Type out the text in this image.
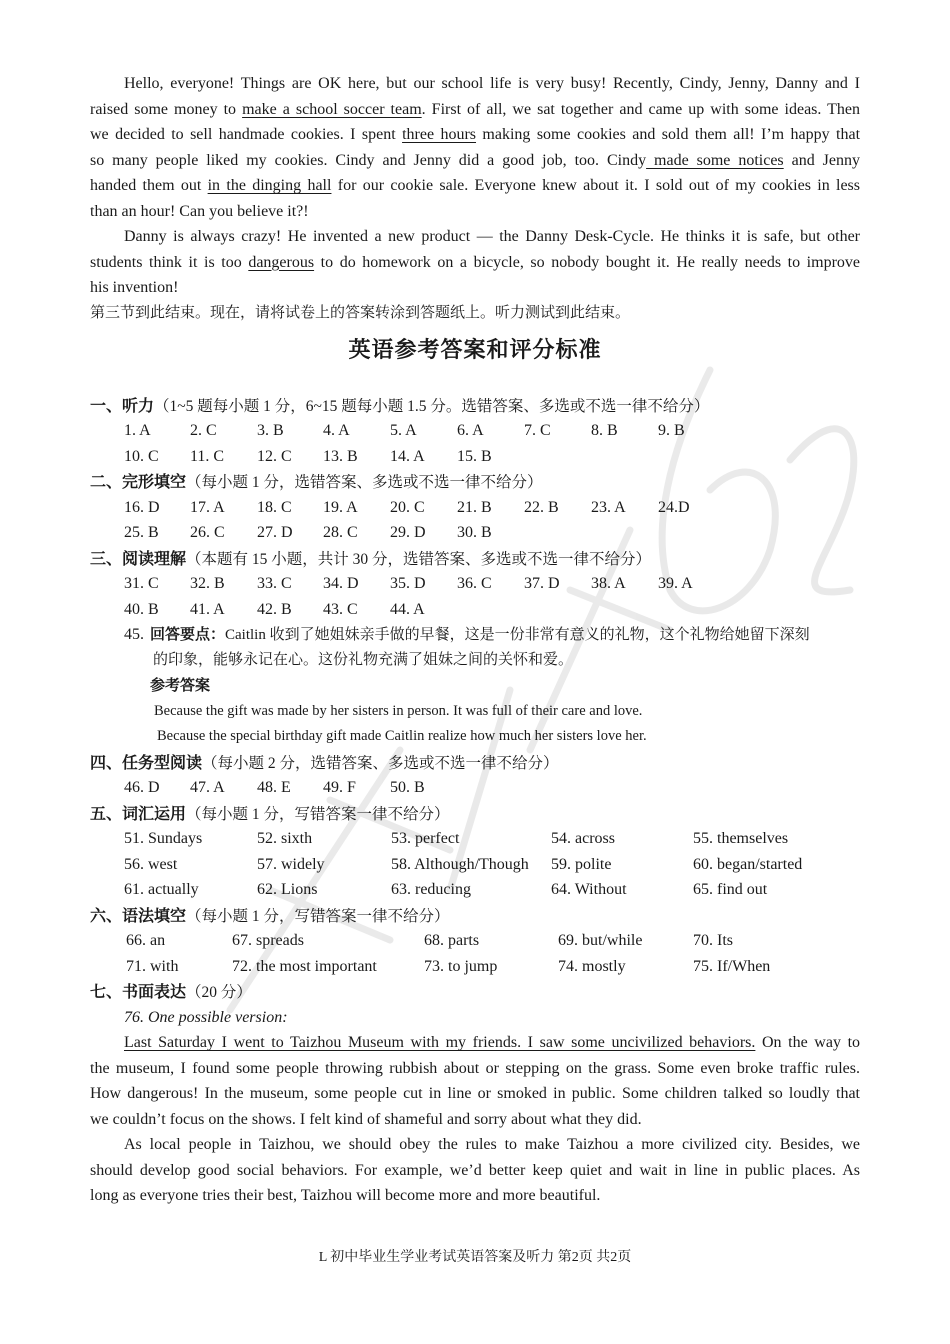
Hello, everyone! Things are OK here, but our school life is very busy! Recently, Cindy, Jenny, Danny and I
raised some money to make a school soccer team. First of all, we sat together and came up with some ideas. Then
we decided to sell handmade cookies. I spent three hours making some cookies and sold them all! I’m happy that
so many people liked my cookies. Cindy and Jenny did a good job, too. Cindy made some notices and Jenny
handed them out in the dinging hall for our cookie sale. Everyone knew about it. I sold out of my cookies in less
than an hour! Can you believe it?!
Danny is always crazy! He invented a new product — the Danny Desk-Cycle. He thinks it is safe, but other
students think it is too dangerous to do homework on a bicycle, so nobody bought it. He really needs to improve
his invention!
第三节到此结束。现在，请将试卷上的答案转涂到答题纸上。听力测试到此结束。
英语参考答案和评分标准
一、听力（1~5 题每小题 1 分，6~15 题每小题 1.5 分。选错答案、多选或不选一律不给分）
1. A 2. C	3. B 4. A	5. A	6. A	7. C	8. B	9. B
10. C 11. C 12. C 13. B 14. A 15. B
二、完形填空（每小题 1 分，选错答案、多选或不选一律不给分）
16. D 17. A 18. C 19. A 20. C 21. B 22. B 23. A 24.D
25. B 26. C 27. D 28. C 29. D 30. B
三、阅读理解（本题有 15 小题，共计 30 分，选错答案、多选或不选一律不给分）
31. C 32. B 33. C 34. D 35. D 36. C 37. D 38. A 39. A
40. B 41. A 42. B 43. C 44. A
45. 回答要点：Caitlin 收到了她姐妹亲手做的早餐，这是一份非常有意义的礼物，这个礼物给她留下深刻
的印象，能够永记在心。这份礼物充满了姐妹之间的关怀和爱。
参考答案
Because the gift was made by her sisters in person. It was full of their care and love.
Because the special birthday gift made Caitlin realize how much her sisters love her.
四、任务型阅读（每小题 2 分，选错答案、多选或不选一律不给分）
46. D 47. A 48. E 49. F 50. B
五、词汇运用（每小题 1 分，写错答案一律不给分）
51. Sundays	52. sixth	53. perfect	54. across	55. themselves
56. west	57. widely	58. Although/Though 59. polite	60. began/started
61. actually	62. Lions	63. reducing	64. Without	65. find out
六、语法填空（每小题 1 分，写错答案一律不给分）
66. an	67. spreads	68. parts	69. but/while	70. Its
71. with	72. the most important	73. to jump	74. mostly	75. If/When
七、书面表达（20 分）
76. One possible version:
Last Saturday I went to Taizhou Museum with my friends. I saw some uncivilized behaviors. On the way to
the museum, I found some people throwing rubbish about or stepping on the grass. Some even broke traffic rules.
How dangerous! In the museum, some people cut in line or smoked in public. Some children talked so loudly that
we couldn’t focus on the shows. I felt kind of shameful and sorry about what they did.
As local people in Taizhou, we should obey the rules to make Taizhou a more civilized city. Besides, we
should develop good social behaviors. For example, we’d better keep quiet and wait in line in public places. As
long as everyone tries their best, Taizhou will become more and more beautiful.
L 初中毕业生学业考试英语答案及听力 第2页 共2页
